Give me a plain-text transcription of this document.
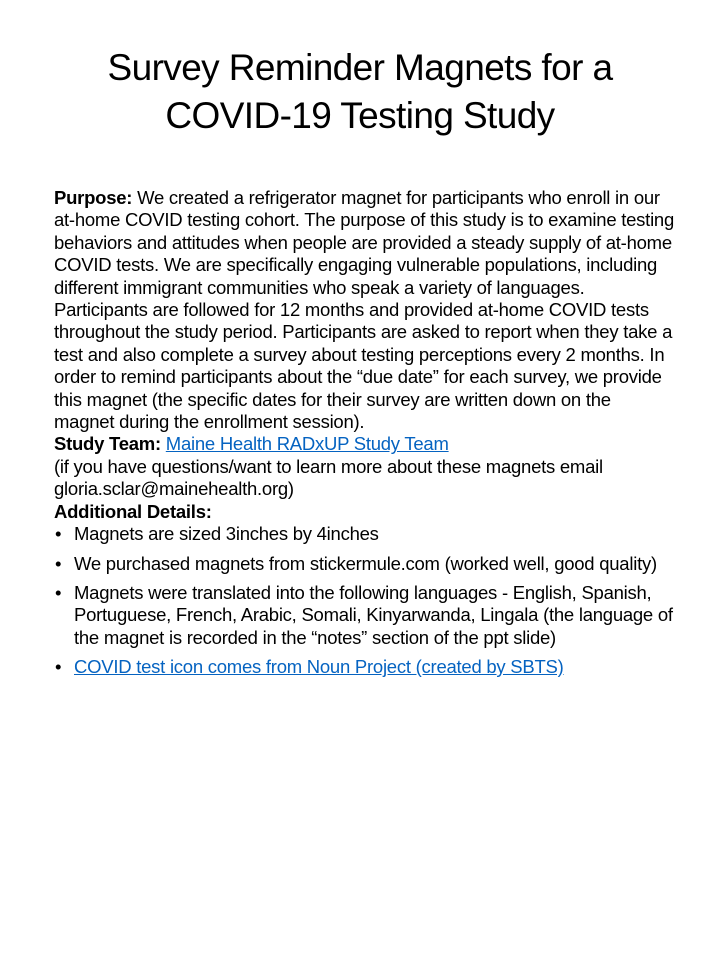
Survey Reminder Magnets for a
COVID-19 Testing Study

Purpose: We created a refrigerator magnet for participants who enroll in our at-home COVID testing cohort. The purpose of this study is to examine testing behaviors and attitudes when people are provided a steady supply of at-home COVID tests. We are specifically engaging vulnerable populations, including different immigrant communities who speak a variety of languages.

Participants are followed for 12 months and provided at-home COVID tests throughout the study period. Participants are asked to report when they take a test and also complete a survey about testing perceptions every 2 months. In order to remind participants about the “due date” for each survey, we provide this magnet (the specific dates for their survey are written down on the magnet during the enrollment session).

Study Team: Maine Health RADxUP Study Team

(if you have questions/want to learn more about these magnets email gloria.sclar@mainehealth.org)

Additional Details:

• Magnets are sized 3inches by 4inches
• We purchased magnets from stickermule.com (worked well, good quality)
• Magnets were translated into the following languages - English, Spanish, Portuguese, French, Arabic, Somali, Kinyarwanda, Lingala (the language of the magnet is recorded in the “notes” section of the ppt slide)
• COVID test icon comes from Noun Project (created by SBTS)
